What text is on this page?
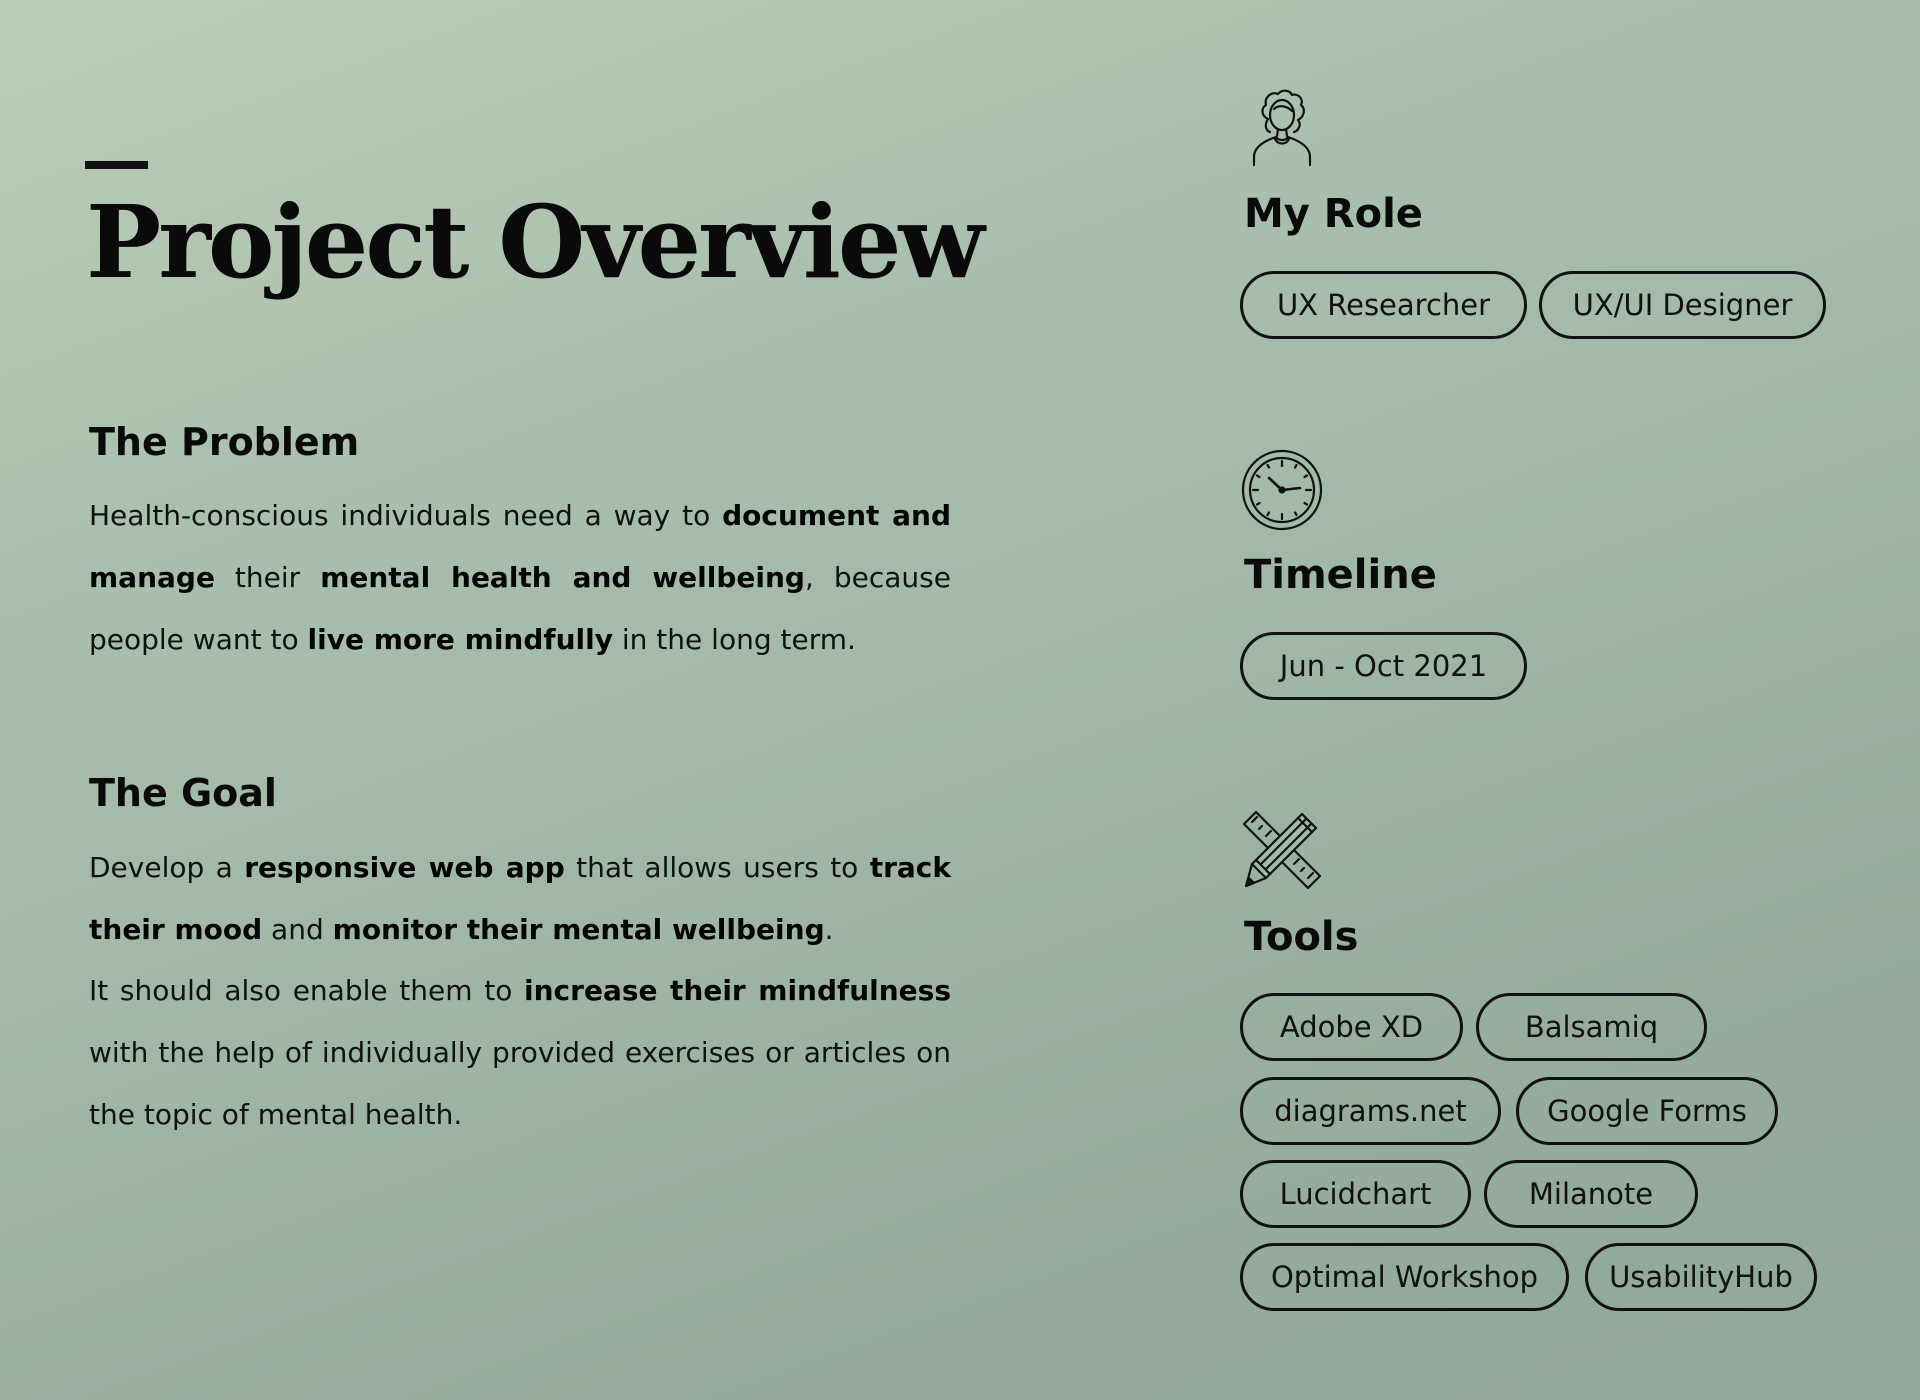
Project Overview
The Problem

Health-conscious individuals need a way to document and manage their mental health and wellbeing, because people want to live more mindfully in the long term.

The Goal

Develop a responsive web app that allows users to track their mood and monitor their mental wellbeing.

It should also enable them to increase their mindfulness with the help of individually provided exercises or articles on the topic of mental health.

My Role
UX Researcher	UX/UI Designer
Timeline
Jun - Oct 2021
Tools
Adobe XD	Balsamiq
diagrams.net	Google Forms
Lucidchart	Milanote
Optimal Workshop	UsabilityHub
